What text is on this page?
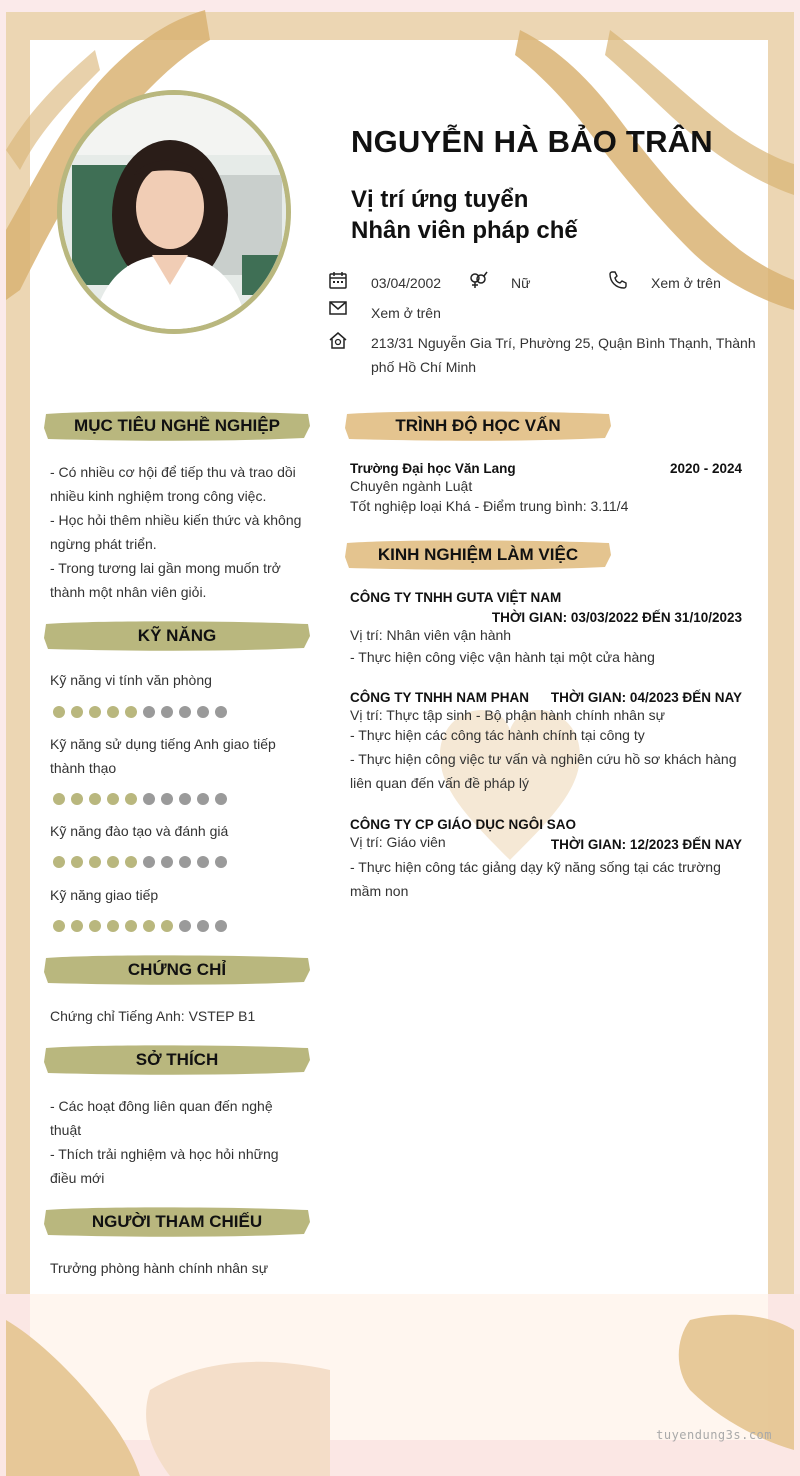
NGUYỄN HÀ BẢO TRÂN
Vị trí ứng tuyển
Nhân viên pháp chế
03/04/2002	Nữ	Xem ở trên
Xem ở trên
213/31 Nguyễn Gia Trí, Phường 25, Quận Bình Thạnh, Thành
phố Hồ Chí Minh
MỤC TIÊU NGHỀ NGHIỆP
- Có nhiều cơ hội để tiếp thu và trao dồi
nhiều kinh nghiệm trong công việc.
- Học hỏi thêm nhiều kiến thức và không
ngừng phát triển.
- Trong tương lai gần mong muốn trở
thành một nhân viên giỏi.
KỸ NĂNG
Kỹ năng vi tính văn phòng
Kỹ năng sử dụng tiếng Anh giao tiếp
thành thạo
Kỹ năng đào tạo và đánh giá
Kỹ năng giao tiếp
CHỨNG CHỈ
Chứng chỉ Tiếng Anh: VSTEP B1
SỞ THÍCH
- Các hoạt đông liên quan đến nghệ
thuật
- Thích trải nghiệm và học hỏi những
điều mới
NGƯỜI THAM CHIẾU
Trưởng phòng hành chính nhân sự
TRÌNH ĐỘ HỌC VẤN
Trường Đại học Văn Lang	2020 - 2024
Chuyên ngành Luật
Tốt nghiệp loại Khá - Điểm trung bình: 3.11/4
KINH NGHIỆM LÀM VIỆC
CÔNG TY TNHH GUTA VIỆT NAM
THỜI GIAN: 03/03/2022 ĐẾN 31/10/2023
Vị trí: Nhân viên vận hành
- Thực hiện công việc vận hành tại một cửa hàng
CÔNG TY TNHH NAM PHAN THỜI GIAN: 04/2023 ĐẾN NAY
Vị trí: Thực tập sinh - Bộ phận hành chính nhân sự
- Thực hiện các công tác hành chính tại công ty
- Thực hiện công việc tư vấn và nghiên cứu hồ sơ khách hàng
liên quan đến vấn đề pháp lý
CÔNG TY CP GIÁO DỤC NGÔI SAO
Vị trí: Giáo viên	THỜI GIAN: 12/2023 ĐẾN NAY
- Thực hiện công tác giảng dạy kỹ năng sống tại các trường
mầm non
tuyendung3s.com
